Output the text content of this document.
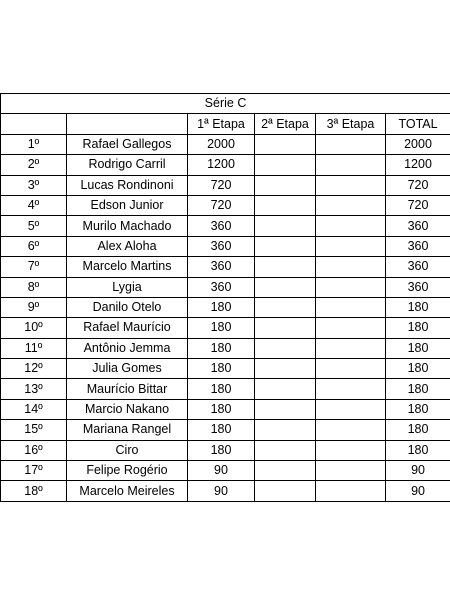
Série C					
		1ª Etapa	2ª Etapa	3ª Etapa	TOTAL
1º	Rafael Gallegos	2000			2000
2º	Rodrigo Carril	1200			1200
3º	Lucas Rondinoni	720			720
4º	Edson Junior	720			720
5º	Murilo Machado	360			360
6º	Alex Aloha	360			360
7º	Marcelo Martins	360			360
8º	Lygia	360			360
9º	Danilo Otelo	180			180
10º	Rafael Maurício	180			180
11º	Antônio Jemma	180			180
12º	Julia Gomes	180			180
13º	Maurício Bittar	180			180
14º	Marcio Nakano	180			180
15º	Mariana Rangel	180			180
16º	Ciro	180			180
17º	Felipe Rogério	90			90
18º	Marcelo Meireles	90			90
